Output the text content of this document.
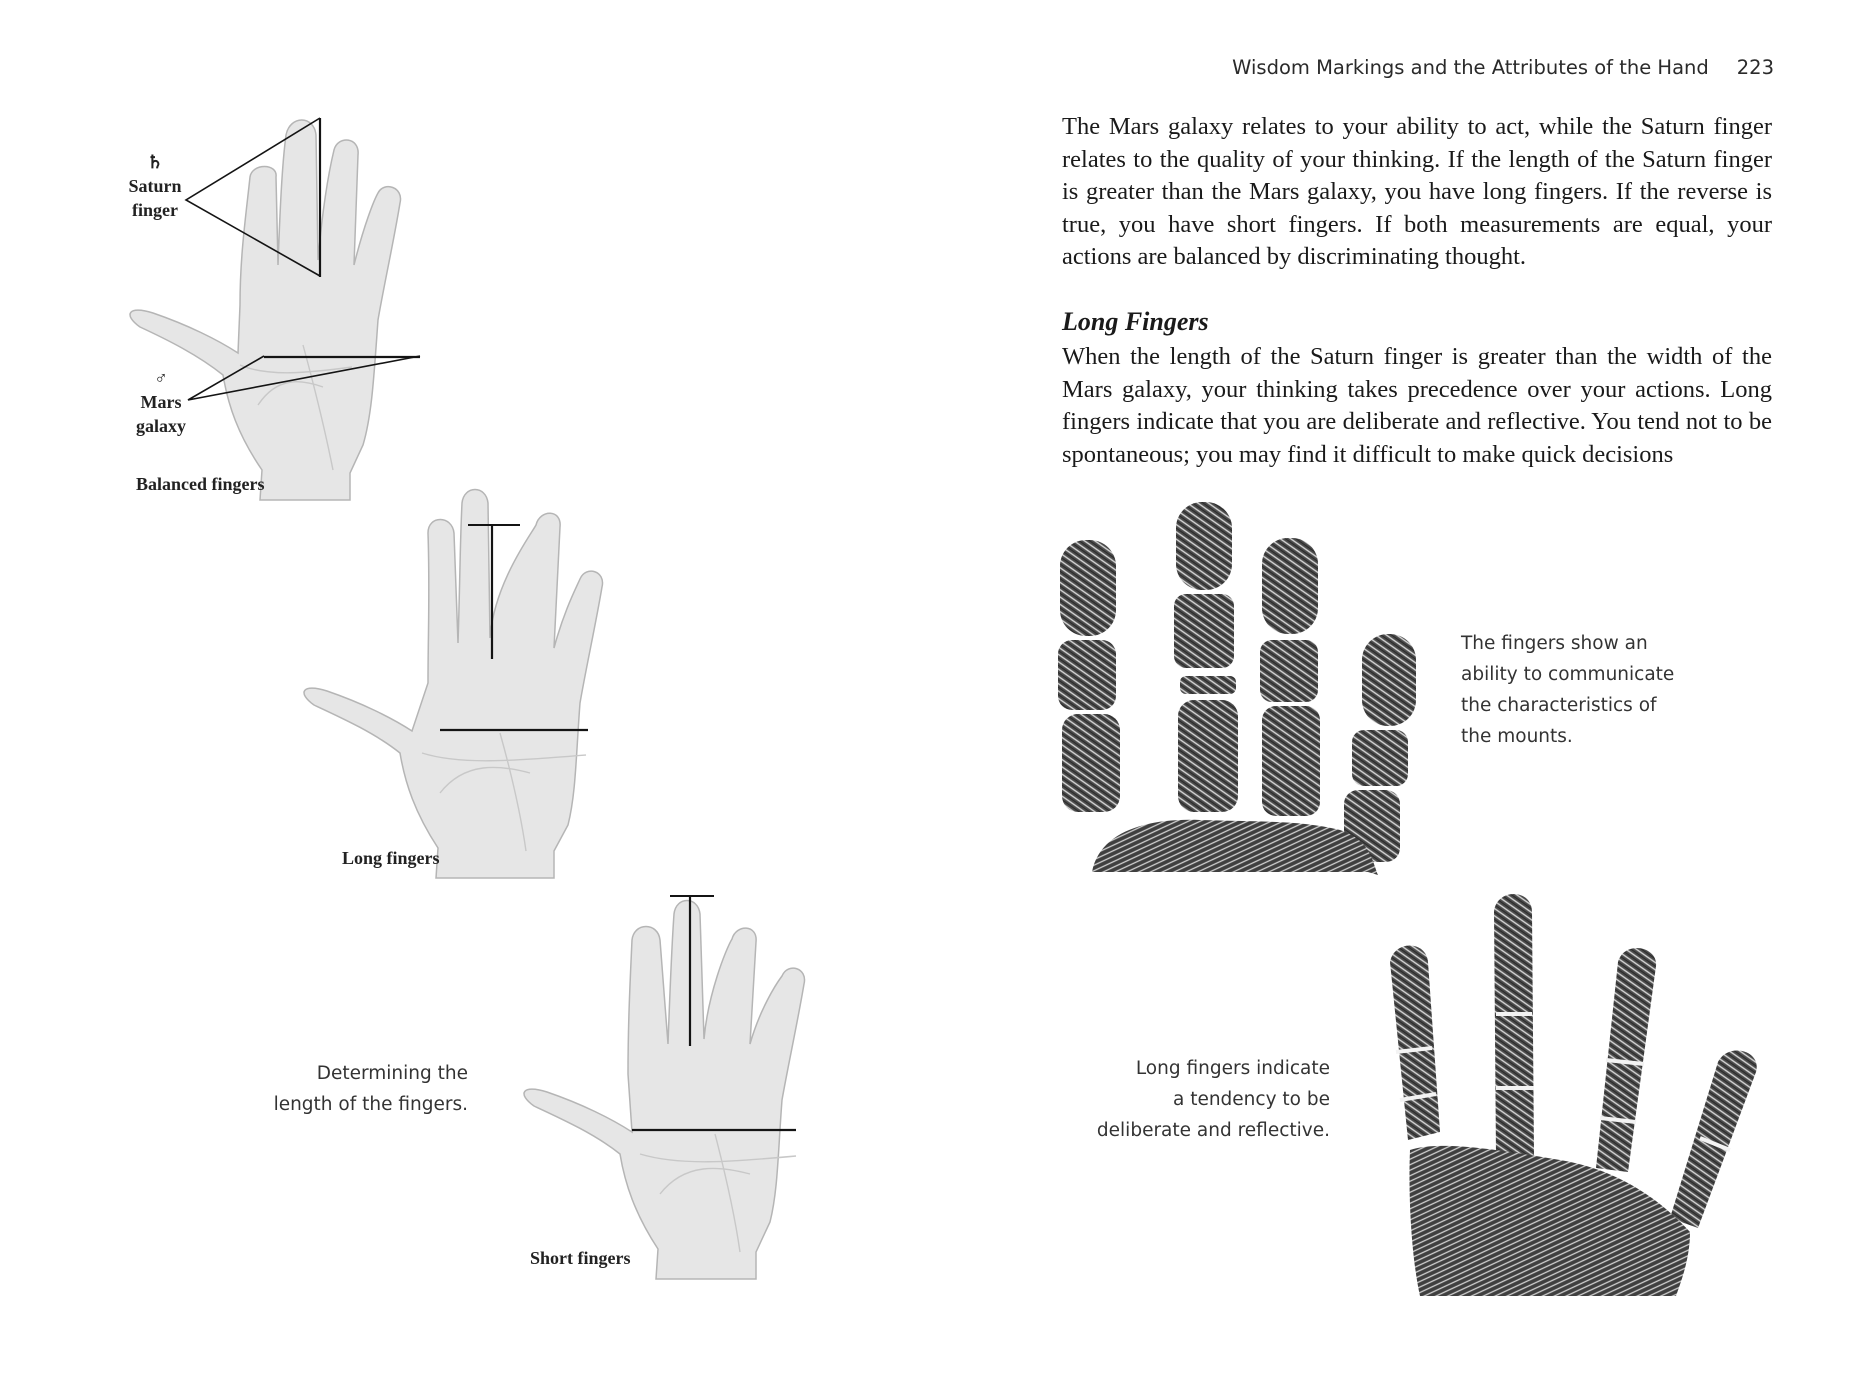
Wisdom Markings and the Attributes of the Hand 223

The Mars galaxy relates to your ability to act, while the Saturn finger relates to the quality of your thinking. If the length of the Saturn finger is greater than the Mars galaxy, you have long fingers. If the reverse is true, you have short fingers. If both measurements are equal, your actions are balanced by discriminating thought.

Long Fingers

When the length of the Saturn finger is greater than the width of the Mars galaxy, your thinking takes precedence over your actions. Long fingers indicate that you are deliberate and reflective. You tend not to be spontaneous; you may find it difficult to make quick decisions

♄
Saturn
finger
♂
Mars
galaxy
Balanced fingers
Long fingers
Short fingers
Determining the
length of the fingers.
The fingers show an
ability to communicate
the characteristics of
the mounts.
Long fingers indicate
a tendency to be
deliberate and reflective.
